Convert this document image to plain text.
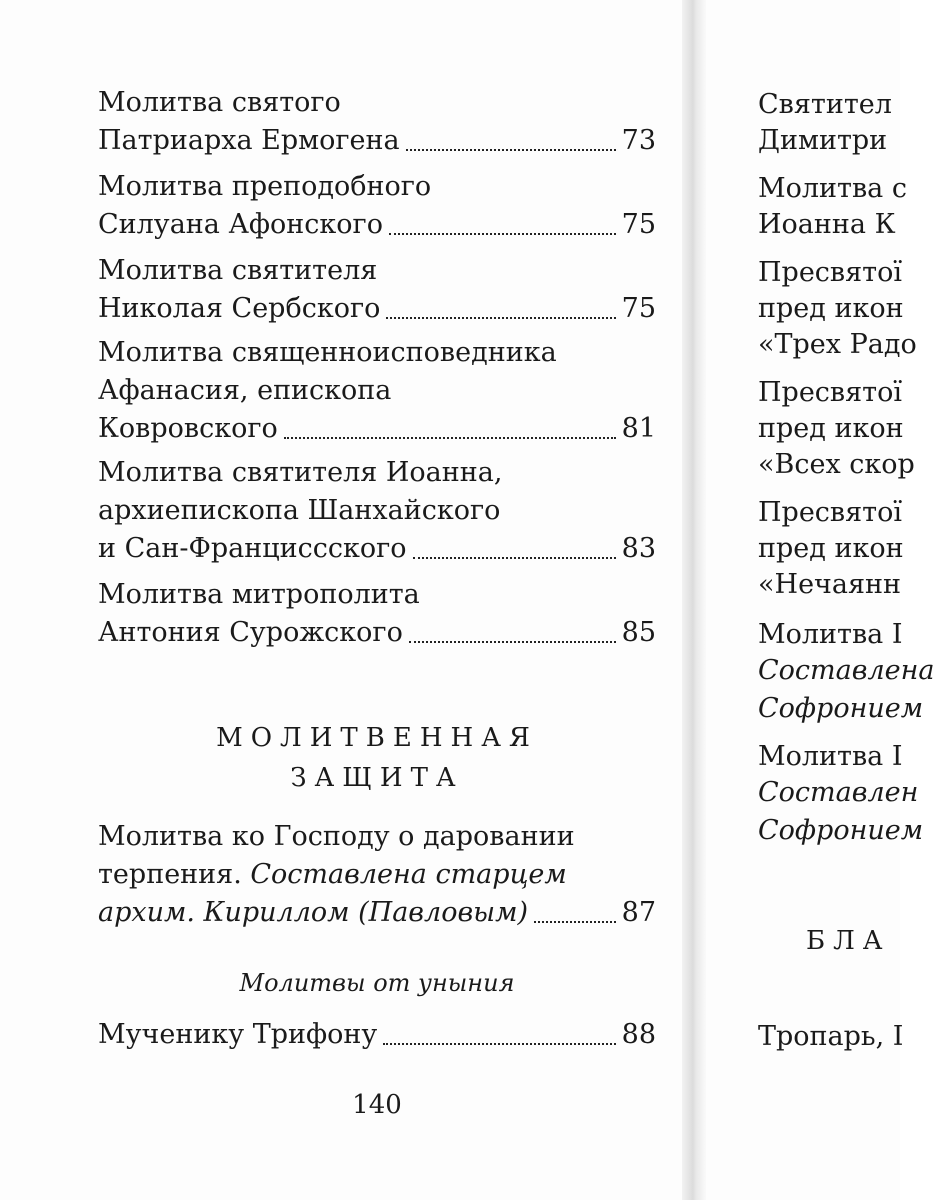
Молитва святого
Патриарха Ермогена	73
Молитва преподобного
Силуана Афонского	75
Молитва святителя
Николая Сербского	75
Молитва священноисповедника
Афанасия, епископа
Ковровского	81
Молитва святителя Иоанна,
архиепископа Шанхайского
и Сан-Франциcсского	83
Молитва митрополита
Антония Сурожского	85
МОЛИТВЕННАЯ
ЗАЩИТА
Молитва ко Господу о даровании
терпения. Составлена старцем
архим. Кириллом (Павловым)	87
Молитвы от уныния
Мученику Трифону	88
140
Святител
Димитри
Молитва с
Иоанна К
Пресвятої
пред икон
«Трех Радо
Пресвятої
пред икон
«Всех скор
Пресвятої
пред икон
«Нечаянн
Молитва I
Составлена
Софронием
Молитва I
Составлен
Софронием
БЛА
Тропарь, I
